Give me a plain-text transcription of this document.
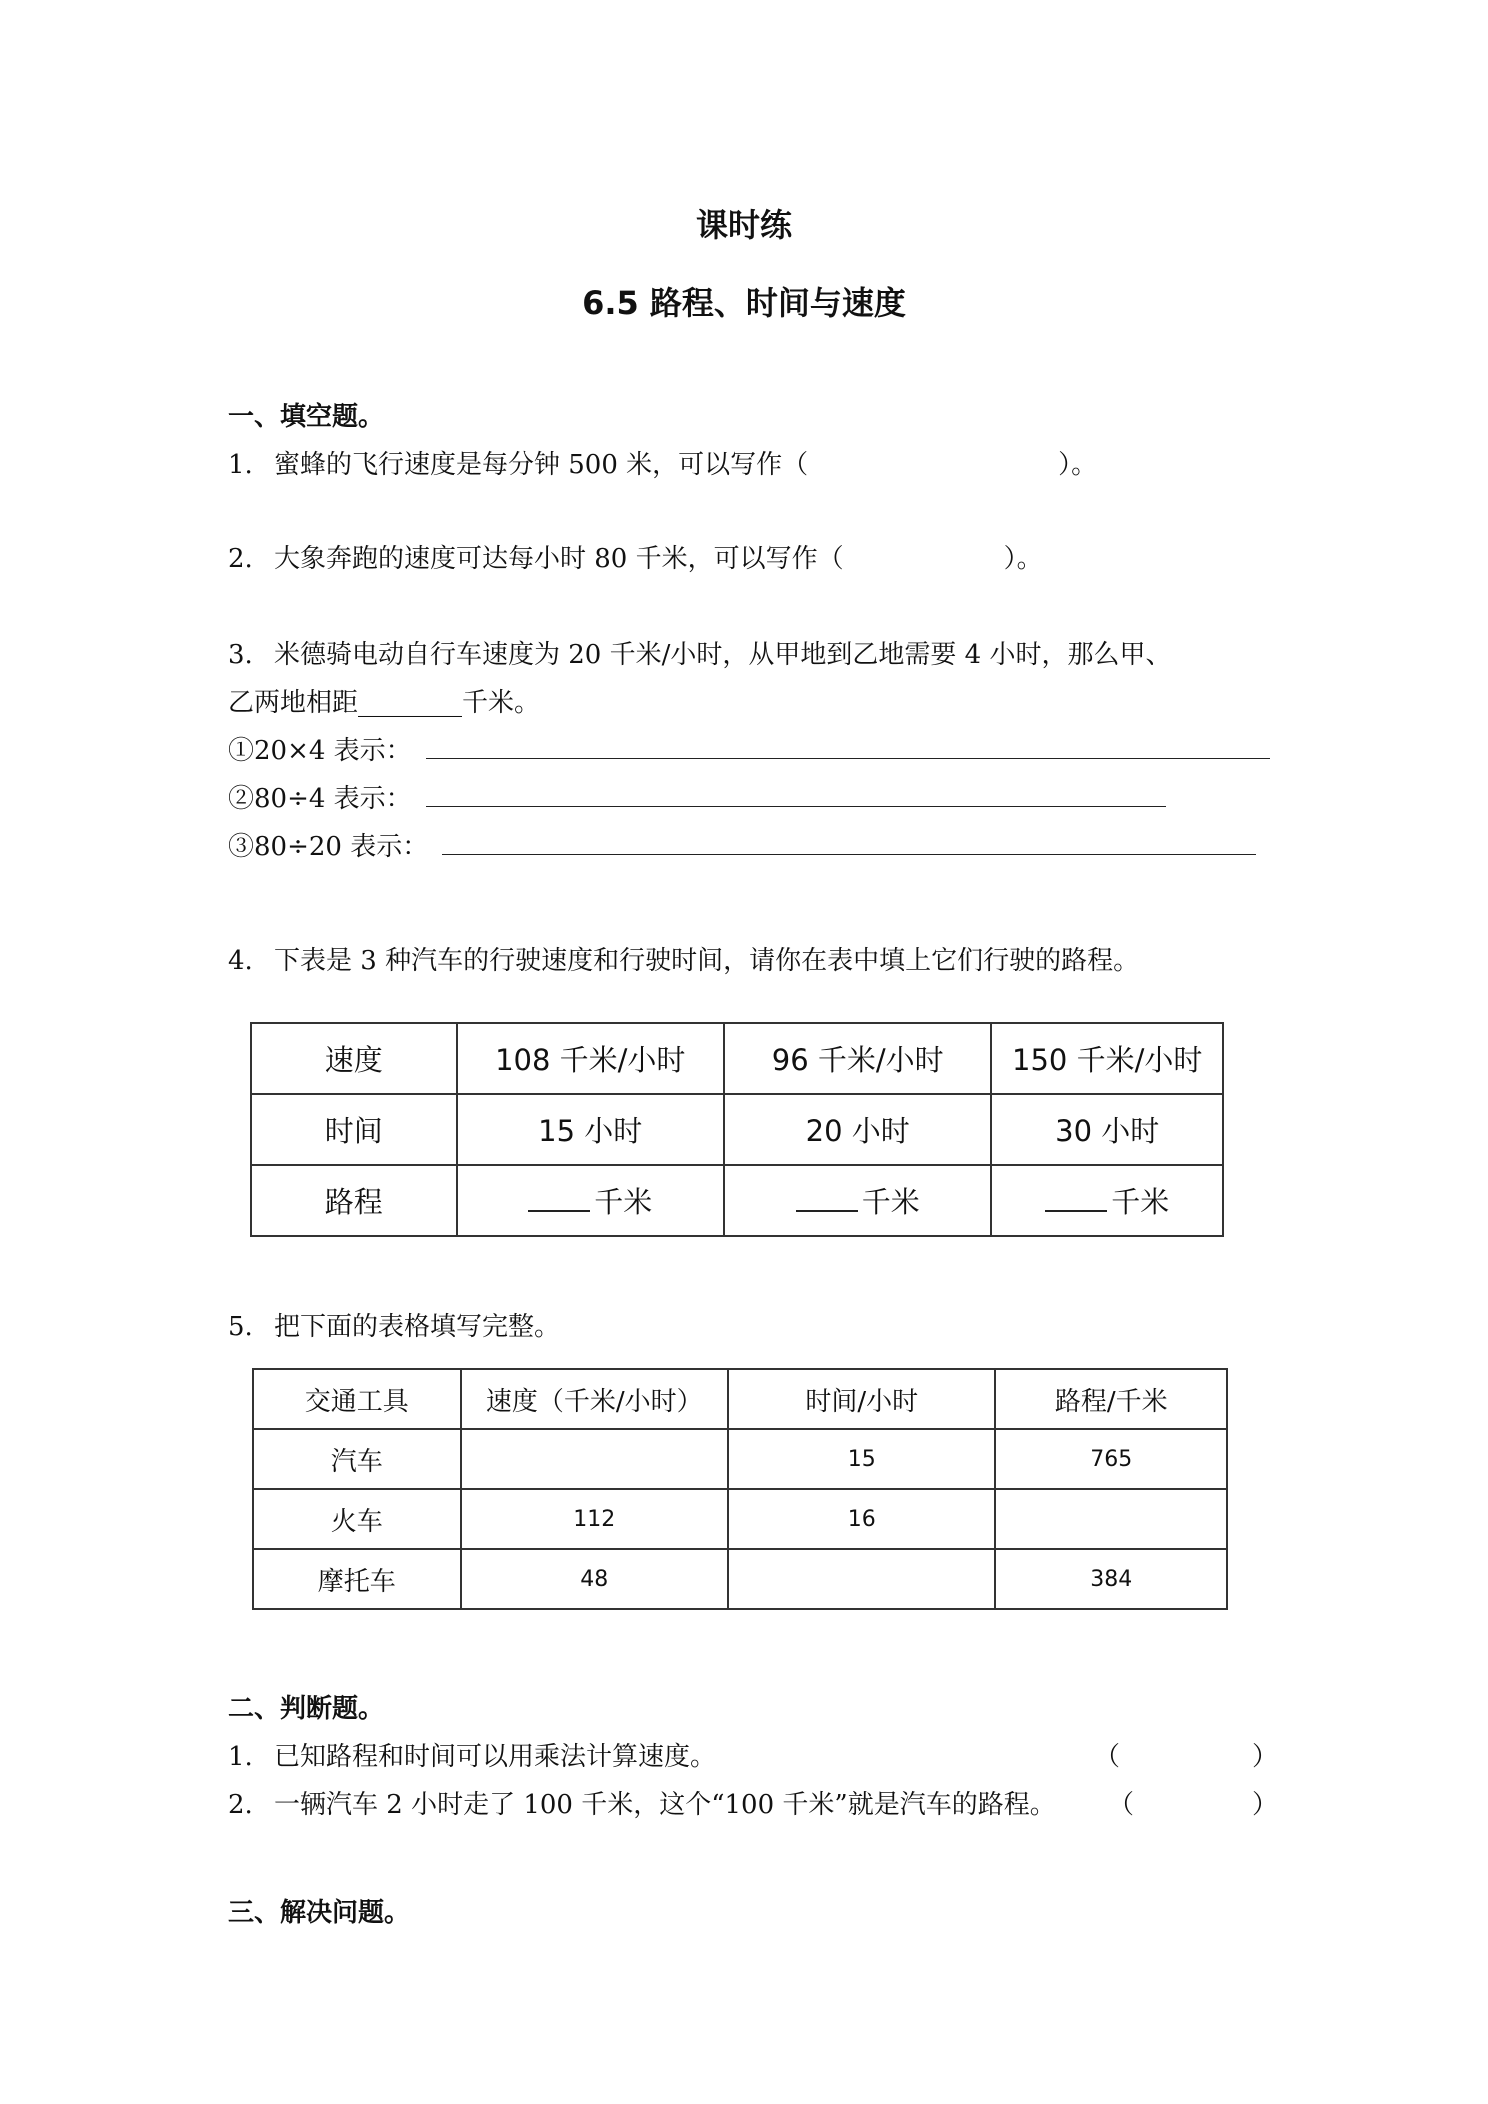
课时练
6.5 路程、时间与速度
一、填空题。
1. 蜜蜂的飞行速度是每分钟 500 米，可以写作（	）。
2. 大象奔跑的速度可达每小时 80 千米，可以写作（	）。
3. 米德骑电动自行车速度为 20 千米/小时，从甲地到乙地需要 4 小时，那么甲、
乙两地相距________千米。
①20×4 表示：
②80÷4 表示：
③80÷20 表示：
4. 下表是 3 种汽车的行驶速度和行驶时间，请你在表中填上它们行驶的路程。
速度	108 千米/小时	96 千米/小时	150 千米/小时
时间	15 小时	20 小时	30 小时
路程	千米	千米	千米
5. 把下面的表格填写完整。
交通工具	速度（千米/小时）	时间/小时	路程/千米
汽车		15	765
火车	112	16	
摩托车	48		384
二、判断题。
1. 已知路程和时间可以用乘法计算速度。	（	）
2. 一辆汽车 2 小时走了 100 千米，这个“100 千米”就是汽车的路程。 （	）
三、解决问题。
